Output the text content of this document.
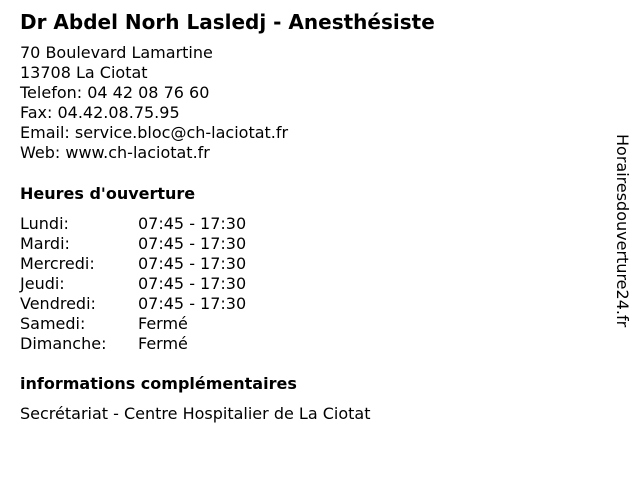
Dr Abdel Norh Lasledj - Anesthésiste
70 Boulevard Lamartine
13708 La Ciotat
Telefon: 04 42 08 76 60
Fax: 04.42.08.75.95
Email: service.bloc@ch-laciotat.fr
Web: www.ch-laciotat.fr
Heures d'ouverture
Lundi:	07:45 - 17:30
Mardi:	07:45 - 17:30
Mercredi:	07:45 - 17:30
Jeudi:	07:45 - 17:30
Vendredi:	07:45 - 17:30
Samedi:	Fermé
Dimanche: Fermé
informations complémentaires
Secrétariat - Centre Hospitalier de La Ciotat
Horairesdouverture24.fr
